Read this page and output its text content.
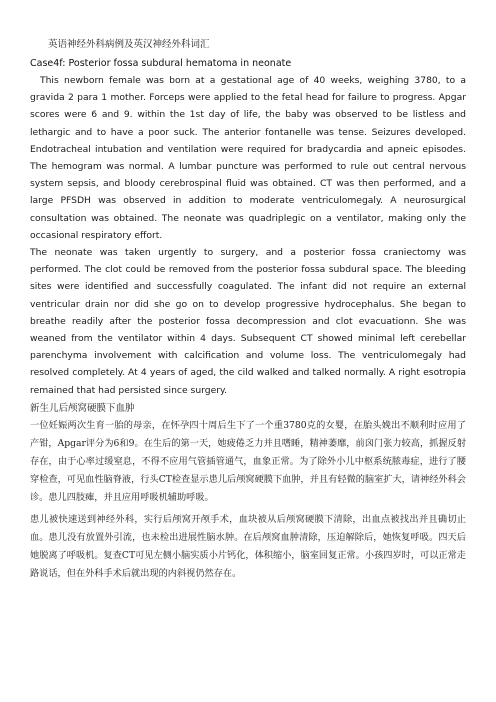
英语神经外科病例及英汉神经外科词汇
Case4f: Posterior fossa subdural hematoma in neonate

This newborn female was born at a gestational age of 40 weeks, weighing 3780, to a gravida 2 para 1 mother. Forceps were applied to the fetal head for failure to progress. Apgar scores were 6 and 9. within the 1st day of life, the baby was observed to be listless and lethargic and to have a poor suck. The anterior fontanelle was tense. Seizures developed. Endotracheal intubation and ventilation were required for bradycardia and apneic episodes. The hemogram was normal. A lumbar puncture was performed to rule out central nervous system sepsis, and bloody cerebrospinal fluid was obtained. CT was then performed, and a large PFSDH was observed in addition to moderate ventriculomegaly. A neurosurgical consultation was obtained. The neonate was quadriplegic on a ventilator, making only the occasional respiratory effort.

The neonate was taken urgently to surgery, and a posterior fossa craniectomy was performed. The clot could be removed from the posterior fossa subdural space. The bleeding sites were identified and successfully coagulated. The infant did not require an external ventricular drain nor did she go on to develop progressive hydrocephalus. She began to breathe readily after the posterior fossa decompression and clot evacuationn. She was weaned from the ventilator within 4 days. Subsequent CT showed minimal left cerebellar parenchyma involvement with calcification and volume loss. The ventriculomegaly had resolved completely. At 4 years of aged, the cild walked and talked normally. A right esotropia remained that had persisted since surgery.

新生儿后颅窝硬膜下血肿

一位妊娠两次生育一胎的母亲，在怀孕四十周后生下了一个重3780克的女婴，在胎头娩出不顺利时应用了产钳，Apgar评分为6和9。在生后的第一天，她疲倦乏力并且嗜睡，精神萎靡，前囟门张力较高，抓握反射存在，由于心率过缓窒息，不得不应用气管插管通气，血象正常。为了除外小儿中枢系统脓毒症，进行了腰穿检查，可见血性脑脊液，行头CT检查显示患儿后颅窝硬膜下血肿，并且有轻微的脑室扩大，请神经外科会诊。患儿四肢瘫，并且应用呼吸机辅助呼吸。

患儿被快速送到神经外科，实行后颅窝开颅手术，血块被从后颅窝硬膜下清除，出血点被找出并且确切止血。患儿没有放置外引流，也未检出进展性脑水肿。在后颅窝血肿清除，压迫解除后，她恢复呼吸。四天后她脱离了呼吸机。复查CT可见左侧小脑实质小片钙化，体积缩小，脑室回复正常。小孩四岁时，可以正常走路说话，但在外科手术后就出现的内斜视仍然存在。
